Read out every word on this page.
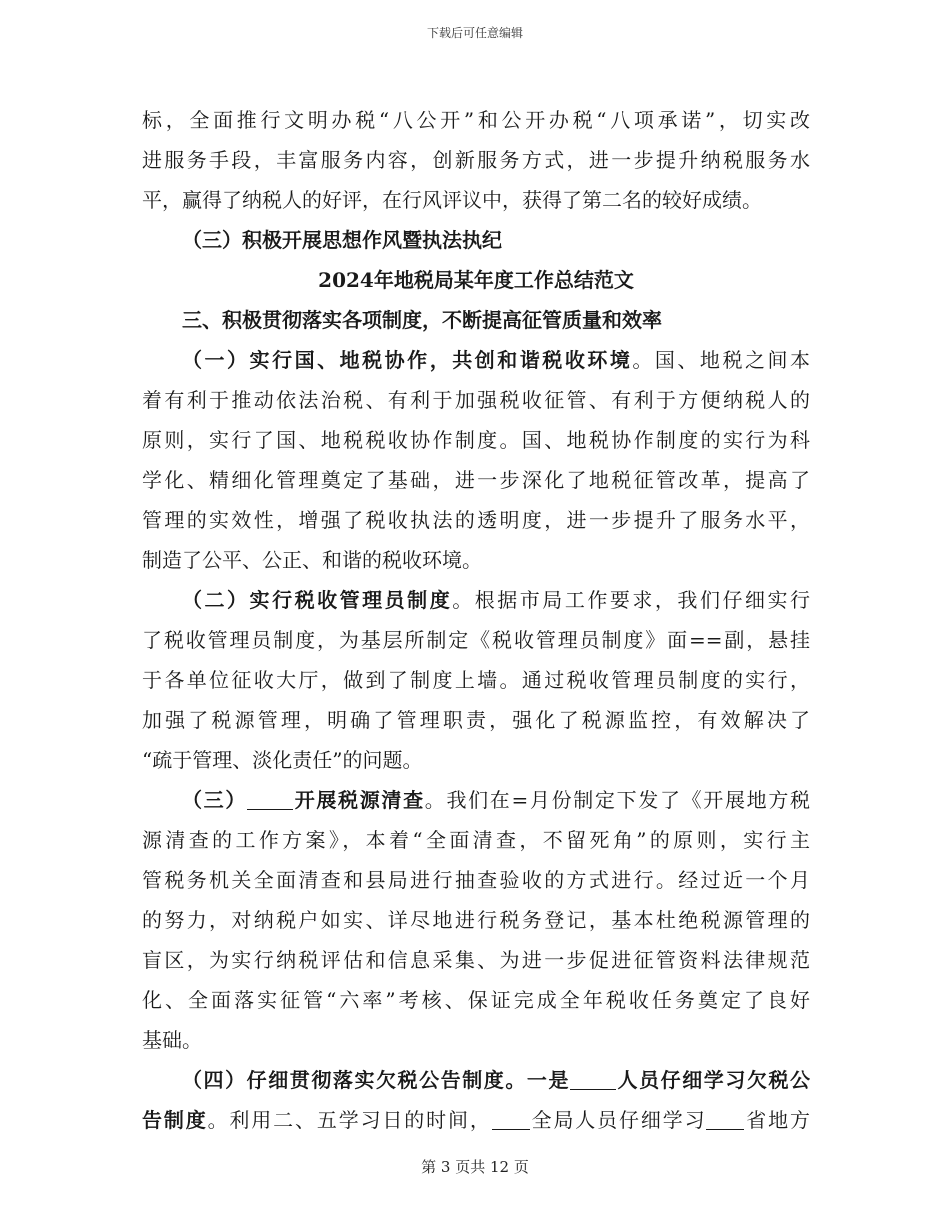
下载后可任意编辑
标，全面推行文明办税“八公开”和公开办税“八项承诺”，切实改
进服务手段，丰富服务内容，创新服务方式，进一步提升纳税服务水
平，赢得了纳税人的好评，在行风评议中，获得了第二名的较好成绩。
（三）积极开展思想作风暨执法执纪
2024年地税局某年度工作总结范文
三、积极贯彻落实各项制度，不断提高征管质量和效率
（一）实行国、地税协作，共创和谐税收环境。国、地税之间本
着有利于推动依法治税、有利于加强税收征管、有利于方便纳税人的
原则，实行了国、地税税收协作制度。国、地税协作制度的实行为科
学化、精细化管理奠定了基础，进一步深化了地税征管改革，提高了
管理的实效性，增强了税收执法的透明度，进一步提升了服务水平，
制造了公平、公正、和谐的税收环境。
（二）实行税收管理员制度。根据市局工作要求，我们仔细实行
了税收管理员制度，为基层所制定《税收管理员制度》面==副，悬挂
于各单位征收大厅，做到了制度上墙。通过税收管理员制度的实行，
加强了税源管理，明确了管理职责，强化了税源监控，有效解决了
“疏于管理、淡化责任”的问题。
（三） 开展税源清查。我们在=月份制定下发了《开展地方税
源清查的工作方案》，本着“全面清查，不留死角”的原则，实行主
管税务机关全面清查和县局进行抽查验收的方式进行。经过近一个月
的努力，对纳税户如实、详尽地进行税务登记，基本杜绝税源管理的
盲区，为实行纳税评估和信息采集、为进一步促进征管资料法律规范
化、全面落实征管“六率”考核、保证完成全年税收任务奠定了良好
基础。
（四）仔细贯彻落实欠税公告制度。一是 人员仔细学习欠税公
告制度。利用二、五学习日的时间， 全局人员仔细学习 省地方
第 3 页共 12 页
